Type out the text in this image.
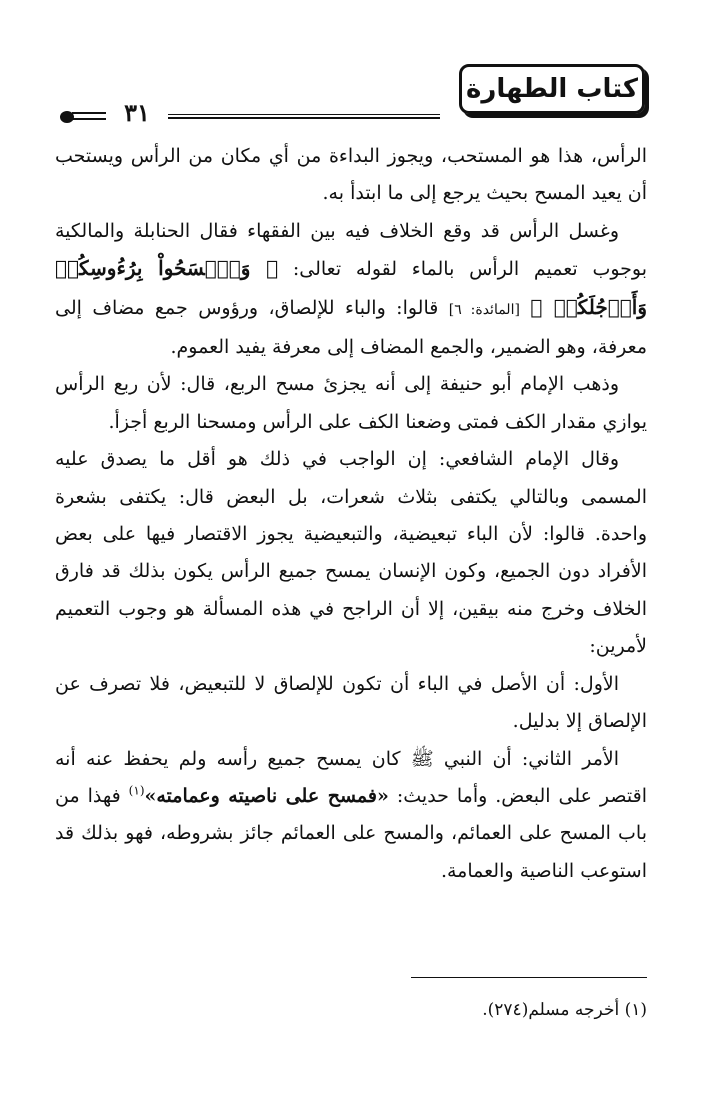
كتاب الطهارة
٣١

الرأس، هذا هو المستحب، ويجوز البداءة من أي مكان من الرأس ويستحب أن يعيد المسح بحيث يرجع إلى ما ابتدأ به.

وغسل الرأس قد وقع الخلاف فيه بين الفقهاء فقال الحنابلة والمالكية بوجوب تعميم الرأس بالماء لقوله تعالى: ﴿ وَٱمۡسَحُواْ بِرُءُوسِكُمۡ وَأَرۡجُلَكُمۡ ﴾ [المائدة: ٦] قالوا: والباء للإلصاق، ورؤوس جمع مضاف إلى معرفة، وهو الضمير، والجمع المضاف إلى معرفة يفيد العموم.

وذهب الإمام أبو حنيفة إلى أنه يجزئ مسح الربع، قال: لأن ربع الرأس يوازي مقدار الكف فمتى وضعنا الكف على الرأس ومسحنا الربع أجزأ.

وقال الإمام الشافعي: إن الواجب في ذلك هو أقل ما يصدق عليه المسمى وبالتالي يكتفى بثلاث شعرات، بل البعض قال: يكتفى بشعرة واحدة. قالوا: لأن الباء تبعيضية، والتبعيضية يجوز الاقتصار فيها على بعض الأفراد دون الجميع، وكون الإنسان يمسح جميع الرأس يكون بذلك قد فارق الخلاف وخرج منه بيقين، إلا أن الراجح في هذه المسألة هو وجوب التعميم لأمرين:

الأول: أن الأصل في الباء أن تكون للإلصاق لا للتبعيض، فلا تصرف عن الإلصاق إلا بدليل.

الأمر الثاني: أن النبي ﷺ كان يمسح جميع رأسه ولم يحفظ عنه أنه اقتصر على البعض. وأما حديث: «فمسح على ناصيته وعمامته»$^{(١)}$ فهذا من باب المسح على العمائم، والمسح على العمائم جائز بشروطه، فهو بذلك قد استوعب الناصية والعمامة.

(١) أخرجه مسلم(٢٧٤).
